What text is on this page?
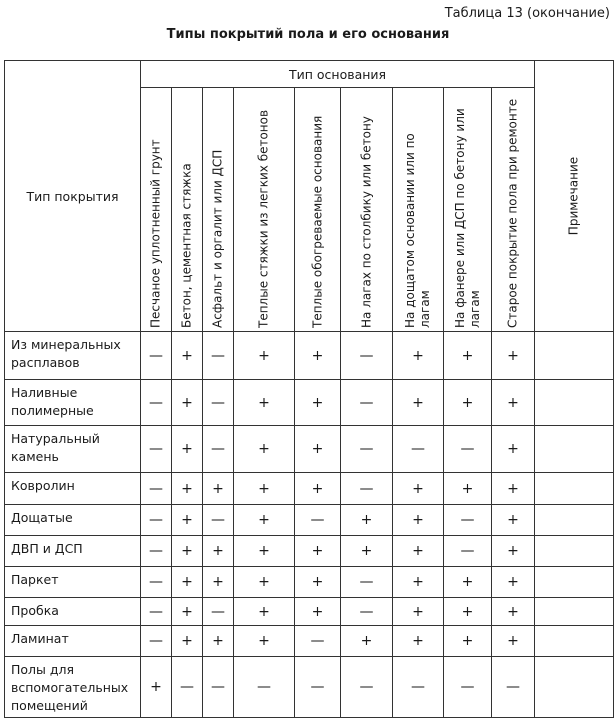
Таблица 13 (окончание)
Типы покрытий пола и его основания
Тип покрытия	Тип основания									Примечание

	Песчаное уплотненный грунт	Бетон, цементная стяжка	Асфальт и оргалит или ДСП	Теплые стяжки из легких бетонов	Теплые обогреваемые основания	На лагах по столбику или бетону	На дощатом основании или по лагам	На фанере или ДСП по бетону или лагам	Старое покрытие пола при ремонте	

Из минеральных расплавов	—	+	—	+	+	—	+	+	+	
Наливные полимерные	—	+	—	+	+	—	+	+	+	
Натуральный камень	—	+	—	+	+	—	—	—	+	
Ковролин	—	+	+	+	+	—	+	+	+	
Дощатые	—	+	—	+	—	+	+	—	+	
ДВП и ДСП	—	+	+	+	+	+	+	—	+	
Паркет	—	+	+	+	+	—	+	+	+	
Пробка	—	+	—	+	+	—	+	+	+	
Ламинат	—	+	+	+	—	+	+	+	+	
Полы для вспомогательных помещений	+	—	—	—	—	—	—	—	—	
